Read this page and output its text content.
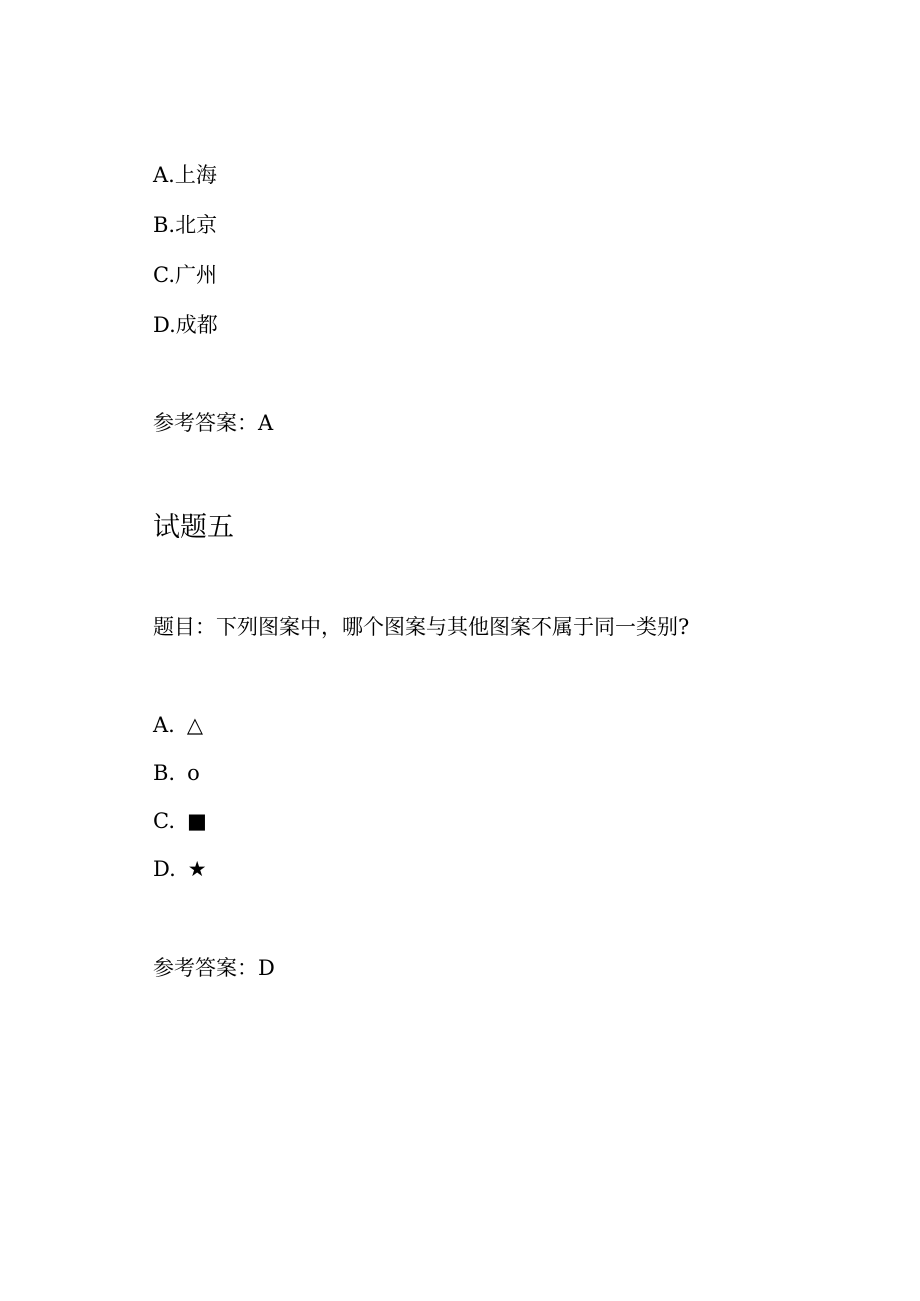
A.上海
B.北京
C.广州
D.成都
参考答案：A
试题五
题目：下列图案中，哪个图案与其他图案不属于同一类别?
A. △
B. o
C. ■
D. ★
参考答案：D
